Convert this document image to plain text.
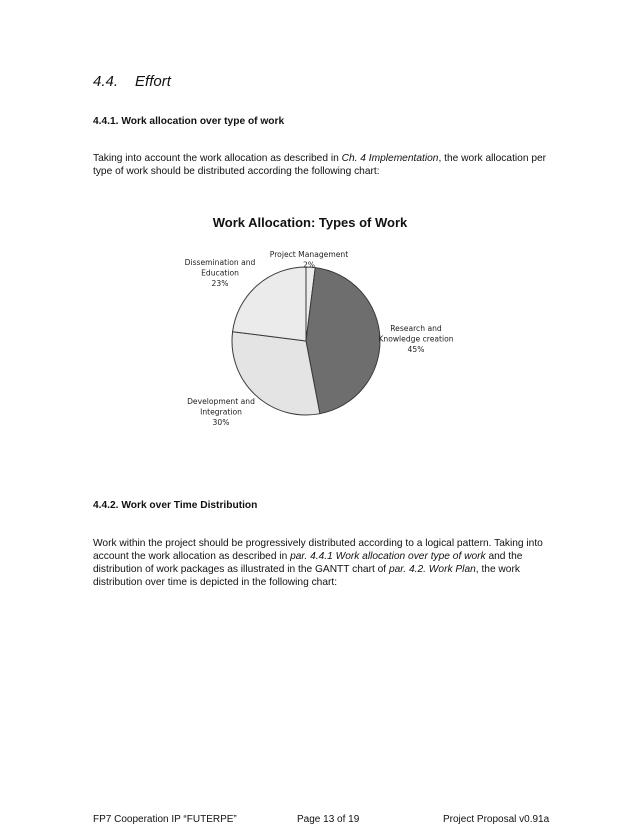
4.4. Effort
4.4.1. Work allocation over type of work
Taking into account the work allocation as described in Ch. 4 Implementation, the work allocation per type of work should be distributed according the following chart:
Work Allocation: Types of Work
Project Management 2%
Research and Knowledge creation 45%
Development and Integration 30%
Dissemination and Education 23%
4.4.2. Work over Time Distribution
Work within the project should be progressively distributed according to a logical pattern. Taking into account the work allocation as described in par. 4.4.1 Work allocation over type of work and the distribution of work packages as illustrated in the GANTT chart of par. 4.2. Work Plan, the work distribution over time is depicted in the following chart:
FP7 Cooperation IP “FUTERPE”	Page 13 of 19	Project Proposal v0.91a
